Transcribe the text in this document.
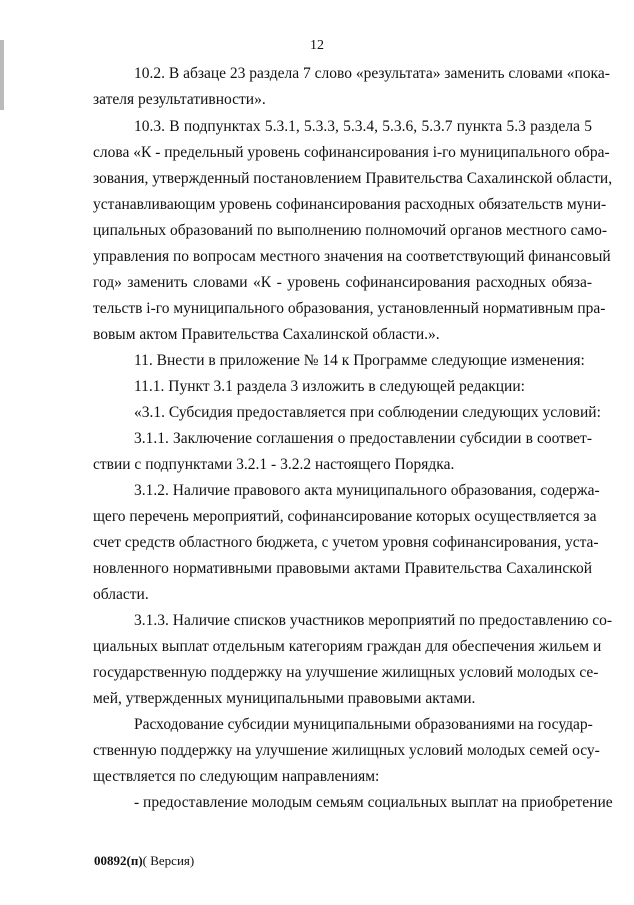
12
10.2. В абзаце 23 раздела 7 слово «результата» заменить словами «пока-
зателя результативности».
10.3. В подпунктах 5.3.1, 5.3.3, 5.3.4, 5.3.6, 5.3.7 пункта 5.3 раздела 5
слова «К - предельный уровень софинансирования i-го муниципального обра-
зования, утвержденный постановлением Правительства Сахалинской области,
устанавливающим уровень софинансирования расходных обязательств муни-
ципальных образований по выполнению полномочий органов местного само-
управления по вопросам местного значения на соответствующий финансовый
год» заменить словами «К - уровень софинансирования расходных обяза-
тельств i-го муниципального образования, установленный нормативным пра-
вовым актом Правительства Сахалинской области.».
11. Внести в приложение № 14 к Программе следующие изменения:
11.1. Пункт 3.1 раздела 3 изложить в следующей редакции:
«3.1. Субсидия предоставляется при соблюдении следующих условий:
3.1.1. Заключение соглашения о предоставлении субсидии в соответ-
ствии с подпунктами 3.2.1 - 3.2.2 настоящего Порядка.
3.1.2. Наличие правового акта муниципального образования, содержа-
щего перечень мероприятий, софинансирование которых осуществляется за
счет средств областного бюджета, с учетом уровня софинансирования, уста-
новленного нормативными правовыми актами Правительства Сахалинской
области.
3.1.3. Наличие списков участников мероприятий по предоставлению со-
циальных выплат отдельным категориям граждан для обеспечения жильем и
государственную поддержку на улучшение жилищных условий молодых се-
мей, утвержденных муниципальными правовыми актами.
Расходование субсидии муниципальными образованиями на государ-
ственную поддержку на улучшение жилищных условий молодых семей осу-
ществляется по следующим направлениям:
- предоставление молодым семьям социальных выплат на приобретение
00892(п)( Версия)
